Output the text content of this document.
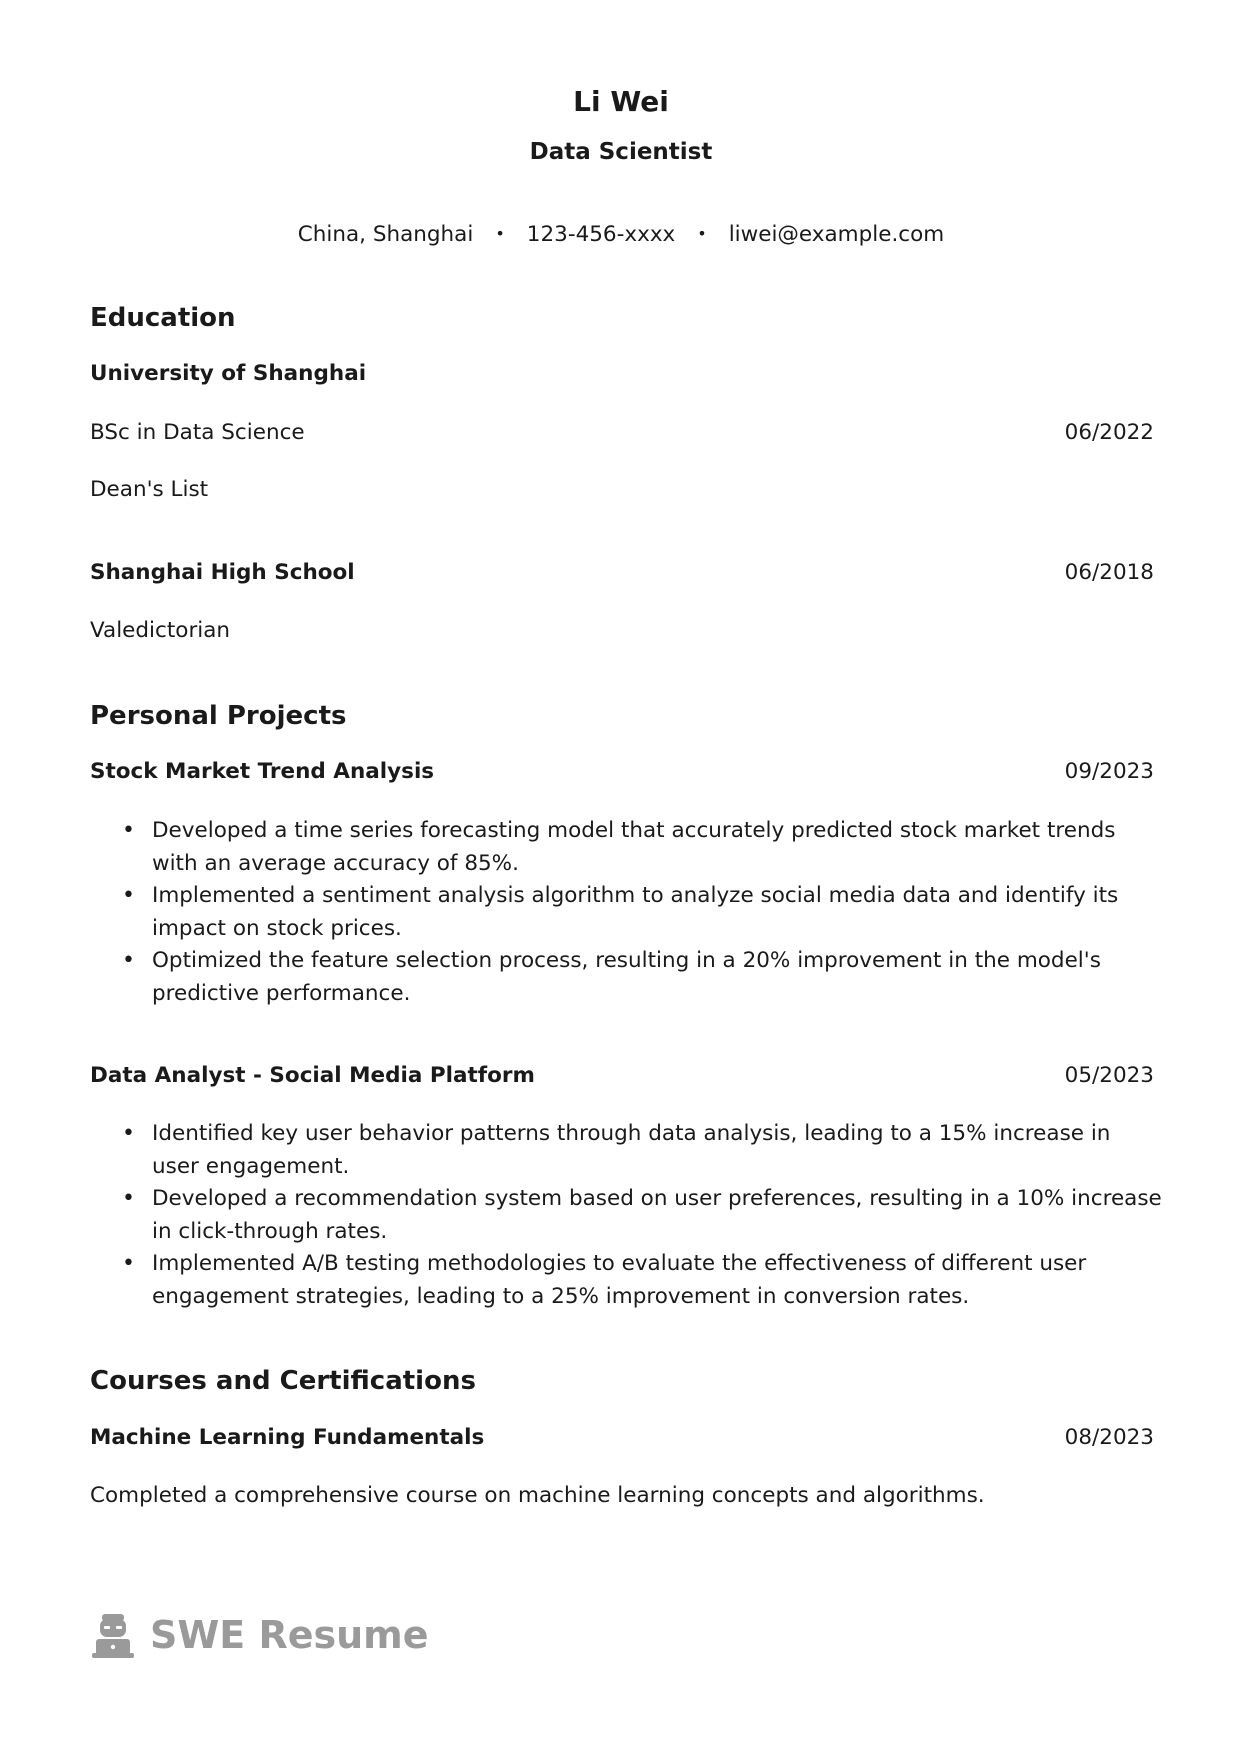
Li Wei
Data Scientist
China, Shanghai • 123-456-xxxx • liwei@example.com
Education
University of Shanghai
BSc in Data Science	06/2022
Dean's List
Shanghai High School	06/2018
Valedictorian
Personal Projects
Stock Market Trend Analysis	09/2023
• Developed a time series forecasting model that accurately predicted stock market trends with an average accuracy of 85%.
• Implemented a sentiment analysis algorithm to analyze social media data and identify its impact on stock prices.
• Optimized the feature selection process, resulting in a 20% improvement in the model's predictive performance.
Data Analyst - Social Media Platform	05/2023
• Identified key user behavior patterns through data analysis, leading to a 15% increase in user engagement.
• Developed a recommendation system based on user preferences, resulting in a 10% increase in click-through rates.
• Implemented A/B testing methodologies to evaluate the effectiveness of different user engagement strategies, leading to a 25% improvement in conversion rates.
Courses and Certifications
Machine Learning Fundamentals	08/2023
Completed a comprehensive course on machine learning concepts and algorithms.
SWE Resume
